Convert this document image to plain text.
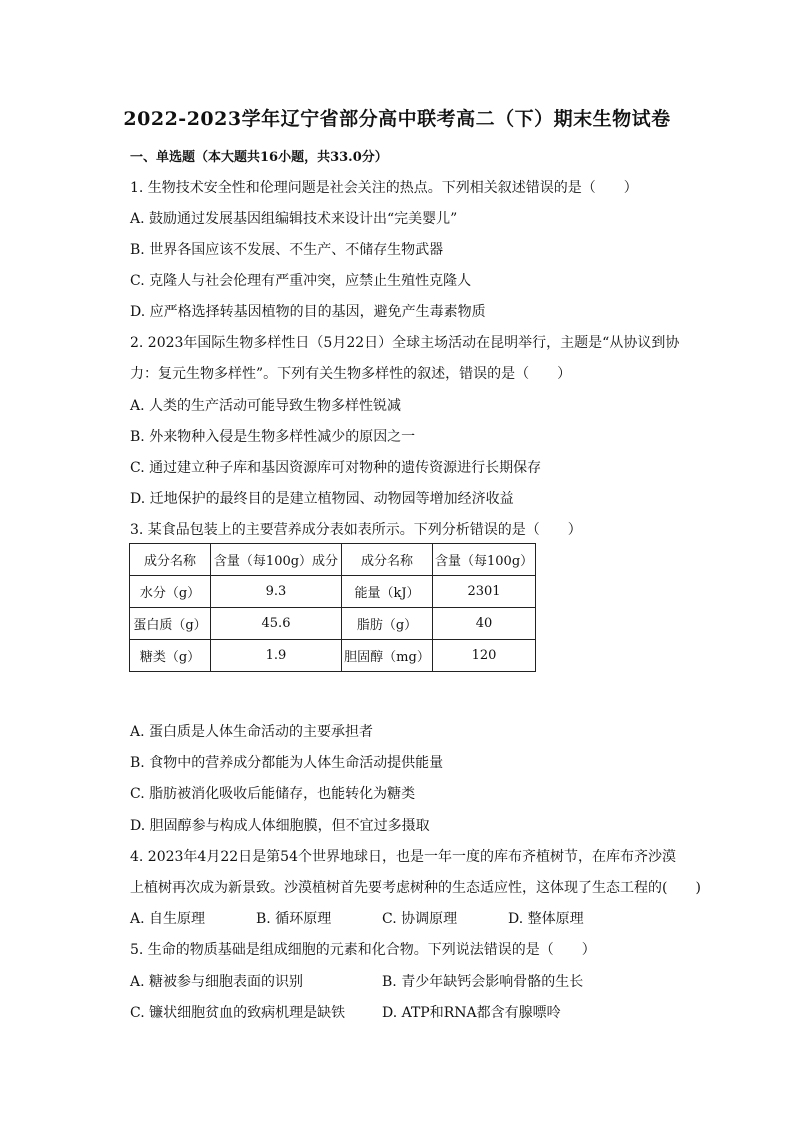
2022-2023学年辽宁省部分高中联考高二（下）期末生物试卷
一、单选题（本大题共16小题，共33.0分）
1. 生物技术安全性和伦理问题是社会关注的热点。下列相关叙述错误的是（　　）
A. 鼓励通过发展基因组编辑技术来设计出“完美婴儿”
B. 世界各国应该不发展、不生产、不储存生物武器
C. 克隆人与社会伦理有严重冲突，应禁止生殖性克隆人
D. 应严格选择转基因植物的目的基因，避免产生毒素物质
2. 2023年国际生物多样性日（5月22日）全球主场活动在昆明举行，主题是“从协议到协
力：复元生物多样性”。下列有关生物多样性的叙述，错误的是（　　）
A. 人类的生产活动可能导致生物多样性锐减
B. 外来物种入侵是生物多样性减少的原因之一
C. 通过建立种子库和基因资源库可对物种的遗传资源进行长期保存
D. 迁地保护的最终目的是建立植物园、动物园等增加经济收益
3. 某食品包装上的主要营养成分表如表所示。下列分析错误的是（　　）
成分名称	含量（每100g）成分	成分名称	含量（每100g）
水分（g）	9.3	能量（kJ）	2301
蛋白质（g）	45.6	脂肪（g）	40
糖类（g）	1.9	胆固醇（mg）	120
A. 蛋白质是人体生命活动的主要承担者
B. 食物中的营养成分都能为人体生命活动提供能量
C. 脂肪被消化吸收后能储存，也能转化为糖类
D. 胆固醇参与构成人体细胞膜，但不宜过多摄取
4. 2023年4月22日是第54个世界地球日，也是一年一度的库布齐植树节，在库布齐沙漠
上植树再次成为新景致。沙漠植树首先要考虑树种的生态适应性，这体现了生态工程的(　　)
A. 自生原理	B. 循环原理	C. 协调原理	D. 整体原理
5. 生命的物质基础是组成细胞的元素和化合物。下列说法错误的是（　　）
A. 糖被参与细胞表面的识别	B. 青少年缺钙会影响骨骼的生长
C. 镰状细胞贫血的致病机理是缺铁	D. ATP和RNA都含有腺嘌呤
